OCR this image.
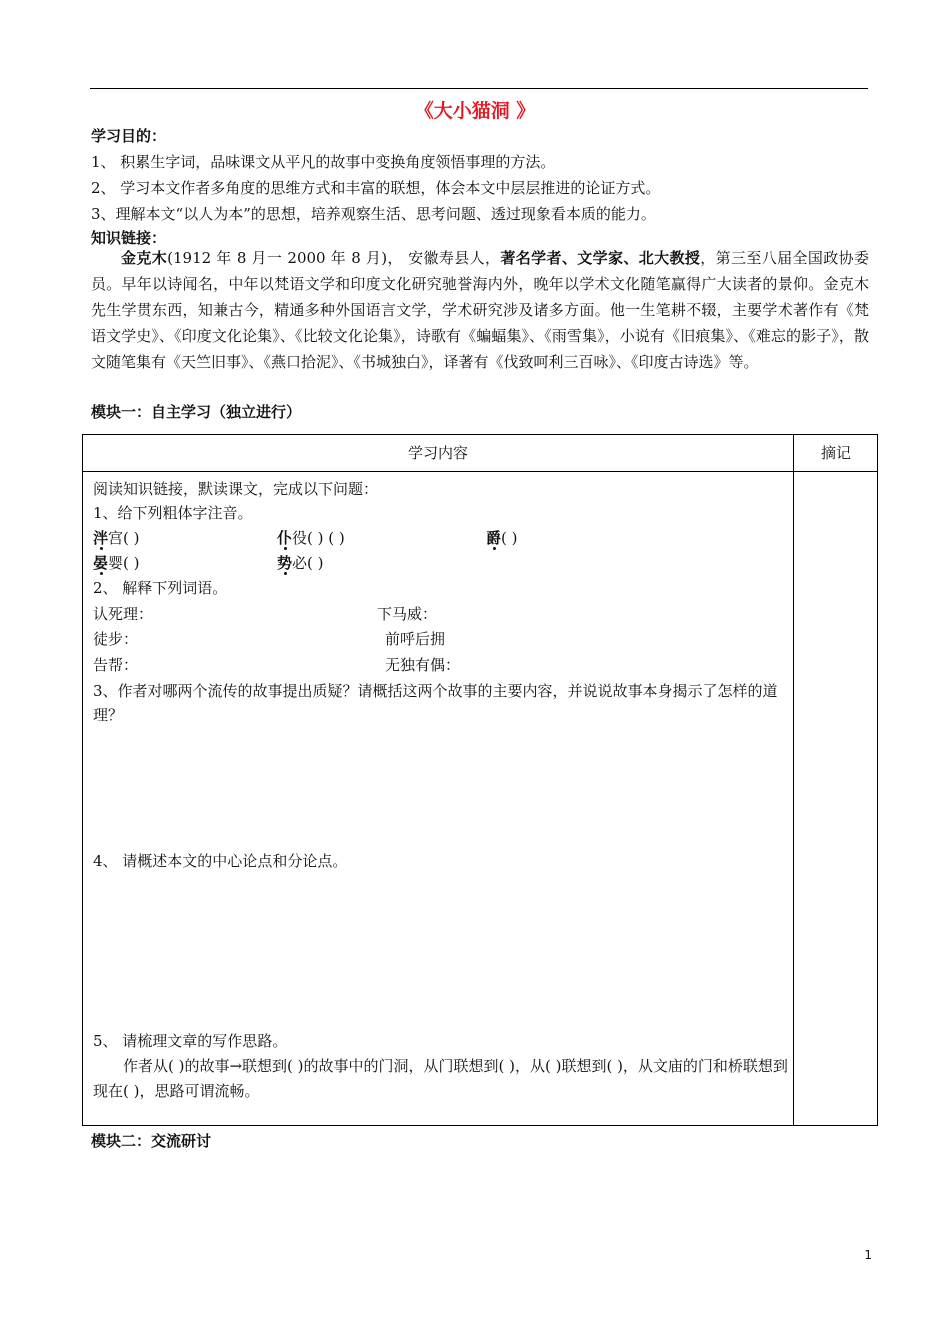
《大小猫洞 》
学习目的：
1、 积累生字词，品味课文从平凡的故事中变换角度领悟事理的方法。
2、 学习本文作者多角度的思维方式和丰富的联想，体会本文中层层推进的论证方式。
3、理解本文“以人为本”的思想，培养观察生活、思考问题、透过现象看本质的能力。
知识链接：

金克木(1912 年 8 月一 2000 年 8 月)， 安徽寿县人，著名学者、文学家、北大教授，第三至八届全国政协委员。早年以诗闻名，中年以梵语文学和印度文化研究驰誉海内外，晚年以学术文化随笔赢得广大读者的景仰。金克木先生学贯东西，知兼古今，精通多种外国语言文学，学术研究涉及诸多方面。他一生笔耕不辍，主要学术著作有《梵语文学史》、《印度文化论集》、《比较文化论集》，诗歌有《蝙蝠集》、《雨雪集》，小说有《旧痕集》、《难忘的影子》，散文随笔集有《天竺旧事》、《燕口拾泥》、《书城独白》，译著有《伐致呵利三百咏》、《印度古诗选》等。

模块一：自主学习（独立进行）
学习内容	摘记
阅读知识链接，默读课文，完成以下问题：
1、给下列粗体字注音。
泮宫( )	仆役( ) ( )	爵( )
晏婴( )	势必( )
2、 解释下列词语。
认死理：	下马威：
徒步：	前呼后拥
告帮：	无独有偶：
3、作者对哪两个流传的故事提出质疑？请概括这两个故事的主要内容，并说说故事本身揭示了怎样的道理？
4、 请概述本文的中心论点和分论点。
5、 请梳理文章的写作思路。
作者从( )的故事→联想到( )的故事中的门洞，从门联想到( )，从( )联想到( )，从文庙的门和桥联想到现在( )，思路可谓流畅。
模块二：交流研讨
1
